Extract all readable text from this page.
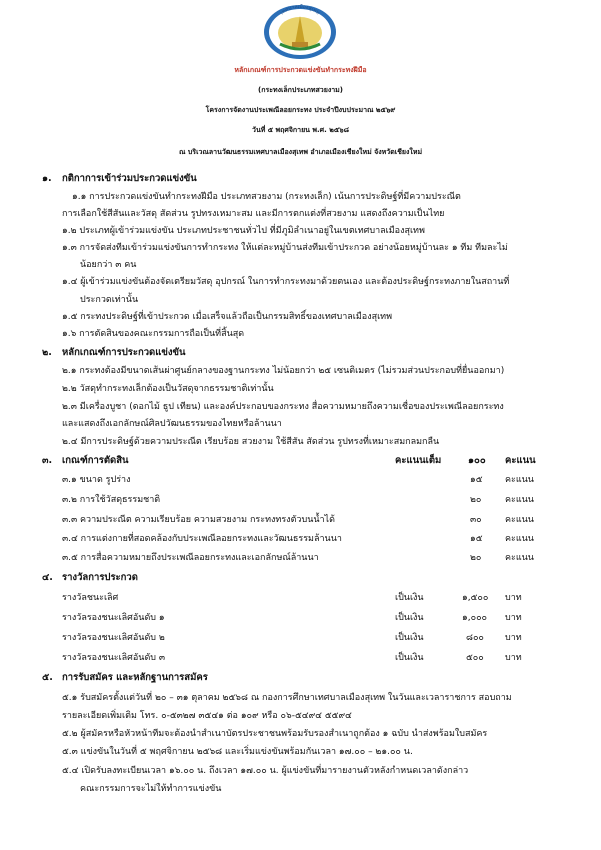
เทศบาลเมืองสุเทพ
หลักเกณฑ์การประกวดแข่งขันทำกระทงฝีมือ
(กระทงเล็กประเภทสวยงาม)
โครงการจัดงานประเพณีลอยกระทง ประจำปีงบประมาณ ๒๕๖๙
วันที่ ๕ พฤศจิกายน พ.ศ. ๒๕๖๘
ณ บริเวณลานวัฒนธรรมเทศบาลเมืองสุเทพ อำเภอเมืองเชียงใหม่ จังหวัดเชียงใหม่
๑. กติกาการเข้าร่วมประกวดแข่งขัน
๑.๑ การประกวดแข่งขันทำกระทงฝีมือ ประเภทสวยงาม (กระทงเล็ก) เน้นการประดิษฐ์ที่มีความประณีต
การเลือกใช้สีสันและวัสดุ สัดส่วน รูปทรงเหมาะสม และมีการตกแต่งที่สวยงาม แสดงถึงความเป็นไทย
๑.๒ ประเภทผู้เข้าร่วมแข่งขัน ประเภทประชาชนทั่วไป ที่มีภูมิลำเนาอยู่ในเขตเทศบาลเมืองสุเทพ
๑.๓ การจัดส่งทีมเข้าร่วมแข่งขันการทำกระทง ให้แต่ละหมู่บ้านส่งทีมเข้าประกวด อย่างน้อยหมู่บ้านละ ๑ ทีม ทีมละไม่
น้อยกว่า ๓ คน
๑.๔ ผู้เข้าร่วมแข่งขันต้องจัดเตรียมวัสดุ อุปกรณ์ ในการทำกระทงมาด้วยตนเอง และต้องประดิษฐ์กระทงภายในสถานที่
ประกวดเท่านั้น
๑.๕ กระทงประดิษฐ์ที่เข้าประกวด เมื่อเสร็จแล้วถือเป็นกรรมสิทธิ์ของเทศบาลเมืองสุเทพ
๑.๖ การตัดสินของคณะกรรมการถือเป็นที่สิ้นสุด
๒. หลักเกณฑ์การประกวดแข่งขัน
๒.๑ กระทงต้องมีขนาดเส้นผ่าศูนย์กลางของฐานกระทง ไม่น้อยกว่า ๒๕ เซนติเมตร (ไม่รวมส่วนประกอบที่ยื่นออกมา)
๒.๒ วัสดุทำกระทงเล็กต้องเป็นวัสดุจากธรรมชาติเท่านั้น
๒.๓ มีเครื่องบูชา (ดอกไม้ ธูป เทียน) และองค์ประกอบของกระทง สื่อความหมายถึงความเชื่อของประเพณีลอยกระทง
และแสดงถึงเอกลักษณ์ศิลปวัฒนธรรมของไทยหรือล้านนา
๒.๔ มีการประดิษฐ์ด้วยความประณีต เรียบร้อย สวยงาม ใช้สีสัน สัดส่วน รูปทรงที่เหมาะสมกลมกลืน
๓. เกณฑ์การตัดสิน	คะแนนเต็ม	๑๐๐ คะแนน
๓.๑ ขนาด รูปร่าง	๑๕ คะแนน
๓.๒ การใช้วัสดุธรรมชาติ	๒๐	คะแนน
๓.๓ ความประณีต ความเรียบร้อย ความสวยงาม กระทงทรงตัวบนน้ำได้	๓๐	คะแนน
๓.๔ การแต่งกายที่สอดคล้องกับประเพณีลอยกระทงและวัฒนธรรมล้านนา	๑๕ คะแนน
๓.๕ การสื่อความหมายถึงประเพณีลอยกระทงและเอกลักษณ์ล้านนา	๒๐	คะแนน
๔. รางวัลการประกวด
รางวัลชนะเลิศ	เป็นเงิน	๑,๕๐๐ บาท
รางวัลรองชนะเลิศอันดับ ๑	เป็นเงิน	๑,๐๐๐ บาท
รางวัลรองชนะเลิศอันดับ ๒	เป็นเงิน	๘๐๐ บาท
รางวัลรองชนะเลิศอันดับ ๓	เป็นเงิน	๕๐๐ บาท
๕. การรับสมัคร และหลักฐานการสมัคร
๕.๑ รับสมัครตั้งแต่วันที่ ๒๐ – ๓๑ ตุลาคม ๒๕๖๘ ณ กองการศึกษาเทศบาลเมืองสุเทพ ในวันและเวลาราชการ สอบถาม
รายละเอียดเพิ่มเติม โทร. ๐-๕๓๒๗ ๓๕๔๑ ต่อ ๑๐๙ หรือ ๐๖-๕๔๙๔ ๕๕๙๔
๕.๒ ผู้สมัครหรือหัวหน้าทีมจะต้องนำสำเนาบัตรประชาชนพร้อมรับรองสำเนาถูกต้อง ๑ ฉบับ นำส่งพร้อมใบสมัคร
๕.๓ แข่งขันในวันที่ ๕ พฤศจิกายน ๒๕๖๘ และเริ่มแข่งขันพร้อมกันเวลา ๑๗.๐๐ – ๒๑.๐๐ น.
๕.๔ เปิดรับลงทะเบียนเวลา ๑๖.๐๐ น. ถึงเวลา ๑๗.๐๐ น. ผู้แข่งขันที่มารายงานตัวหลังกำหนดเวลาดังกล่าว
คณะกรรมการจะไม่ให้ทำการแข่งขัน
